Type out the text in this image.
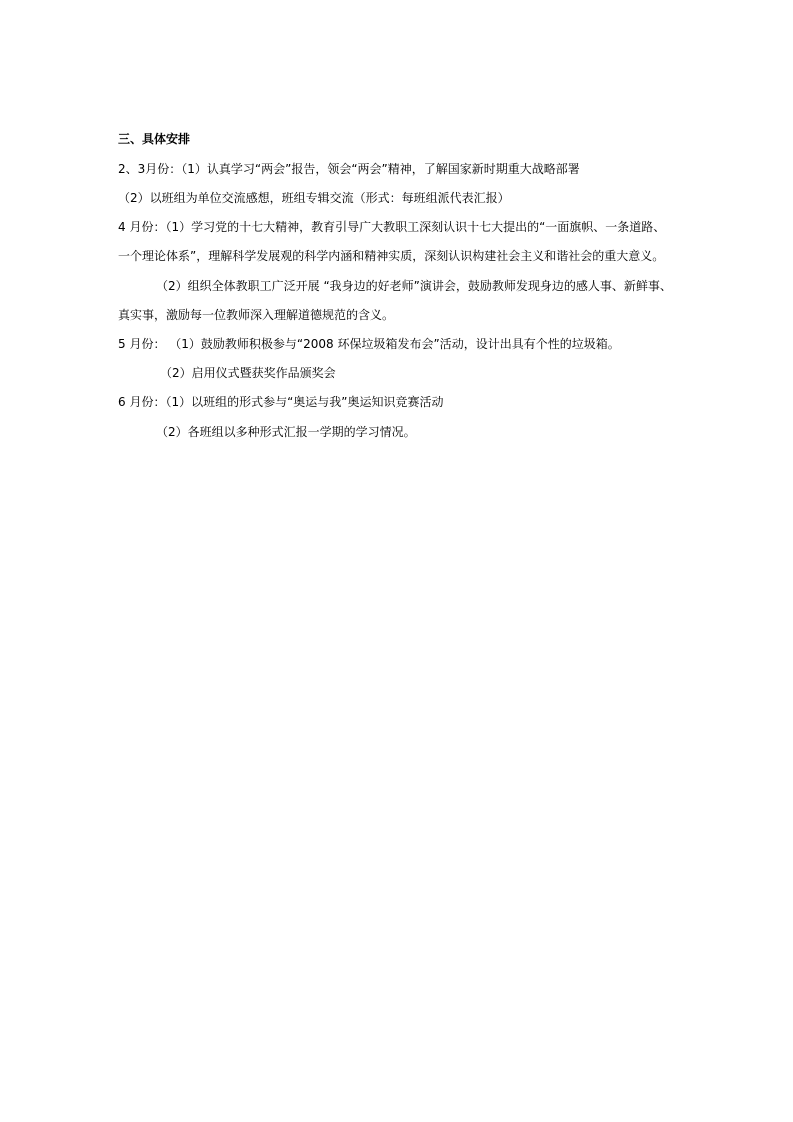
三、具体安排
2、3月份：（1）认真学习“两会”报告，领会“两会”精神，了解国家新时期重大战略部署
（2）以班组为单位交流感想，班组专辑交流（形式：每班组派代表汇报）
4 月份：（1）学习党的十七大精神，教育引导广大教职工深刻认识十七大提出的“一面旗帜、一条道路、
一个理论体系”，理解科学发展观的科学内涵和精神实质，深刻认识构建社会主义和谐社会的重大意义。
（2）组织全体教职工广泛开展 “我身边的好老师”演讲会，鼓励教师发现身边的感人事、新鲜事、
真实事，激励每一位教师深入理解道德规范的含义。
5 月份： （1）鼓励教师积极参与“2008 环保垃圾箱发布会”活动，设计出具有个性的垃圾箱。
（2）启用仪式暨获奖作品颁奖会
6 月份：（1）以班组的形式参与“奥运与我”奥运知识竞赛活动
（2）各班组以多种形式汇报一学期的学习情况。
